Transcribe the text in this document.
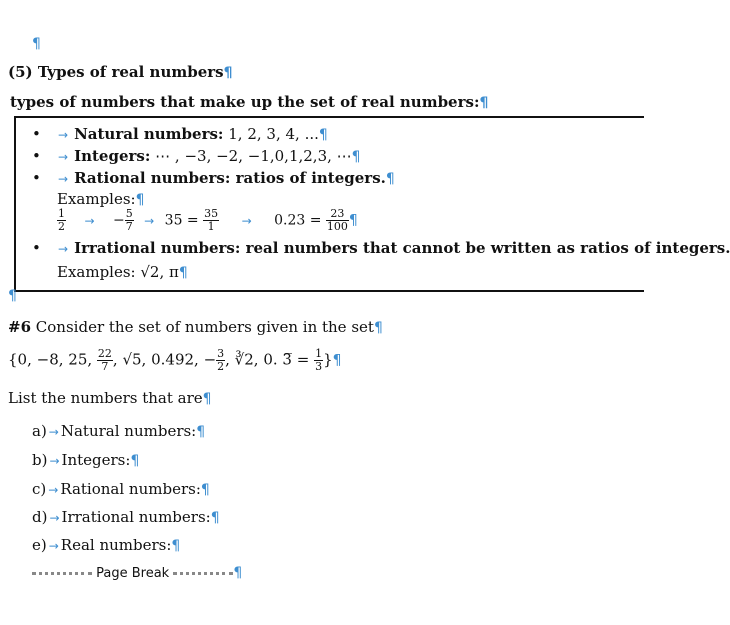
¶
(5) Types of real numbers¶
types of numbers that make up the set of real numbers:¶
• → Natural numbers: 1, 2, 3, 4, ...¶
• → Integers: ⋯ , −3, −2, −1,0,1,2,3, ⋯¶
• → Rational numbers: ratios of integers.¶
Examples:¶
$\frac{1}{2}$ → − $\frac{5}{7} \to 35 = \frac{35}{1} \to 0.23 = \frac{23}{100}$ ¶
• → Irrational numbers: real numbers that cannot be written as ratios of integers.
Examples: √2, π¶
¶
#6 Consider the set of numbers given in the set¶
{0, −8, 25, $\frac{22}{7}$ , √5, 0.492, − $\frac{3}{2}$ , ∛2, 0. 3̅ = $\frac{1}{3}$ }¶
List the numbers that are¶
a) → Natural numbers:¶
b) → Integers:¶
c) → Rational numbers:¶
d) → Irrational numbers:¶
e) → Real numbers:¶
Page Break	¶
